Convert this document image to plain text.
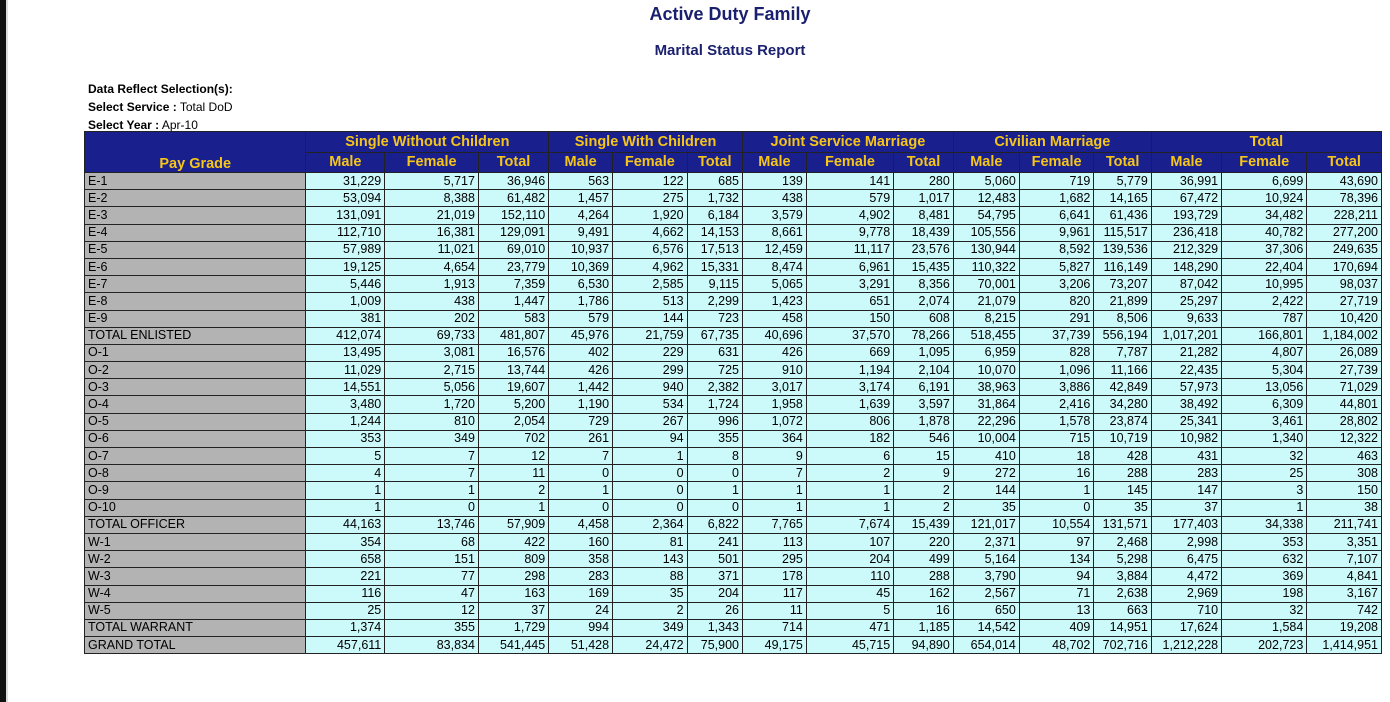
Active Duty Family
Marital Status Report
Data Reflect Selection(s):
Select Service : Total DoD
Select Year : Apr-10
Pay Grade	Single Without Children			Single With Children			Joint Service Marriage			Civilian Marriage			Total		
	Male	Female	Total	Male	Female	Total	Male	Female	Total	Male	Female	Total	Male	Female	Total
E-1	31,229	5,717	36,946	563	122	685	139	141	280	5,060	719	5,779	36,991	6,699	43,690
E-2	53,094	8,388	61,482	1,457	275	1,732	438	579	1,017	12,483	1,682	14,165	67,472	10,924	78,396
E-3	131,091	21,019	152,110	4,264	1,920	6,184	3,579	4,902	8,481	54,795	6,641	61,436	193,729	34,482	228,211
E-4	112,710	16,381	129,091	9,491	4,662	14,153	8,661	9,778	18,439	105,556	9,961	115,517	236,418	40,782	277,200
E-5	57,989	11,021	69,010	10,937	6,576	17,513	12,459	11,117	23,576	130,944	8,592	139,536	212,329	37,306	249,635
E-6	19,125	4,654	23,779	10,369	4,962	15,331	8,474	6,961	15,435	110,322	5,827	116,149	148,290	22,404	170,694
E-7	5,446	1,913	7,359	6,530	2,585	9,115	5,065	3,291	8,356	70,001	3,206	73,207	87,042	10,995	98,037
E-8	1,009	438	1,447	1,786	513	2,299	1,423	651	2,074	21,079	820	21,899	25,297	2,422	27,719
E-9	381	202	583	579	144	723	458	150	608	8,215	291	8,506	9,633	787	10,420
TOTAL ENLISTED	412,074	69,733	481,807	45,976	21,759	67,735	40,696	37,570	78,266	518,455	37,739	556,194	1,017,201	166,801	1,184,002
O-1	13,495	3,081	16,576	402	229	631	426	669	1,095	6,959	828	7,787	21,282	4,807	26,089
O-2	11,029	2,715	13,744	426	299	725	910	1,194	2,104	10,070	1,096	11,166	22,435	5,304	27,739
O-3	14,551	5,056	19,607	1,442	940	2,382	3,017	3,174	6,191	38,963	3,886	42,849	57,973	13,056	71,029
O-4	3,480	1,720	5,200	1,190	534	1,724	1,958	1,639	3,597	31,864	2,416	34,280	38,492	6,309	44,801
O-5	1,244	810	2,054	729	267	996	1,072	806	1,878	22,296	1,578	23,874	25,341	3,461	28,802
O-6	353	349	702	261	94	355	364	182	546	10,004	715	10,719	10,982	1,340	12,322
O-7	5	7	12	7	1	8	9	6	15	410	18	428	431	32	463
O-8	4	7	11	0	0	0	7	2	9	272	16	288	283	25	308
O-9	1	1	2	1	0	1	1	1	2	144	1	145	147	3	150
O-10	1	0	1	0	0	0	1	1	2	35	0	35	37	1	38
TOTAL OFFICER	44,163	13,746	57,909	4,458	2,364	6,822	7,765	7,674	15,439	121,017	10,554	131,571	177,403	34,338	211,741
W-1	354	68	422	160	81	241	113	107	220	2,371	97	2,468	2,998	353	3,351
W-2	658	151	809	358	143	501	295	204	499	5,164	134	5,298	6,475	632	7,107
W-3	221	77	298	283	88	371	178	110	288	3,790	94	3,884	4,472	369	4,841
W-4	116	47	163	169	35	204	117	45	162	2,567	71	2,638	2,969	198	3,167
W-5	25	12	37	24	2	26	11	5	16	650	13	663	710	32	742
TOTAL WARRANT	1,374	355	1,729	994	349	1,343	714	471	1,185	14,542	409	14,951	17,624	1,584	19,208
GRAND TOTAL	457,611	83,834	541,445	51,428	24,472	75,900	49,175	45,715	94,890	654,014	48,702	702,716	1,212,228	202,723	1,414,951
